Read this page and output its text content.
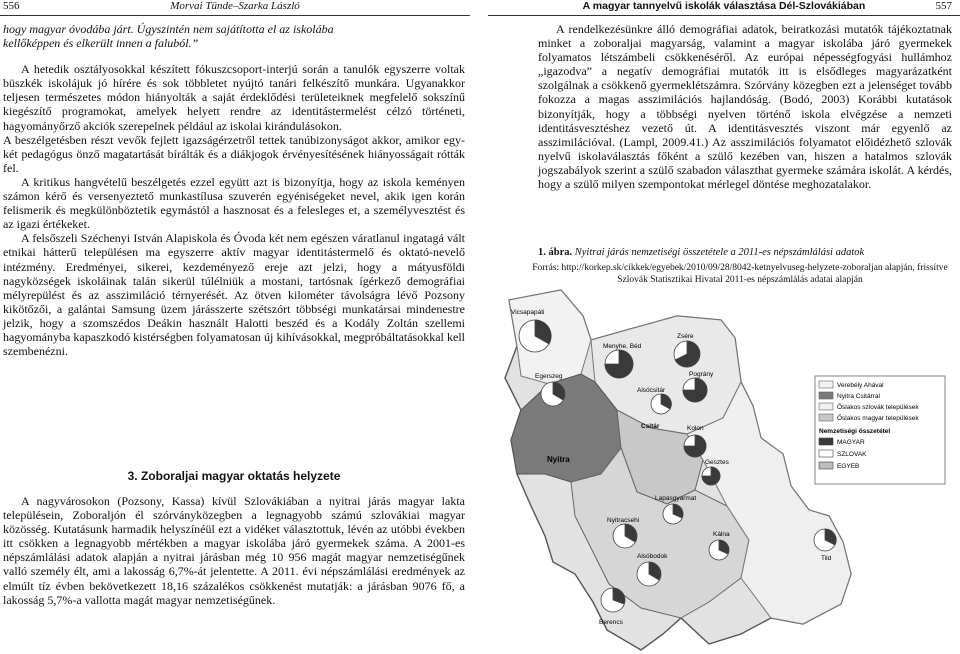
556	Morvai Tünde–Szarka László

hogy magyar óvodába járt. Úgyszintén nem sajátította el az iskolába

kellőképpen és elkerült innen a faluból.”

A hetedik osztályosokkal készített fókuszcsoport-interjú során a tanulók egyszerre voltak büszkék iskolájuk jó hírére és sok többletet nyújtó tanári felkészítő munkára. Ugyanakkor teljesen természetes módon hiányolták a saját érdeklődési területeiknek megfelelő sokszínű kiegészítő programokat, amelyek helyett rendre az identitástermelést célzó történeti, hagyományőrző akciók szerepelnek például az iskolai kirándulásokon.

A beszélgetésben részt vevők fejlett igazságérzetről tettek tanúbizonyságot akkor, amikor egy-két pedagógus önző magatartását bírálták és a diákjogok érvényesítésének hiányosságait rótták fel.

A kritikus hangvételű beszélgetés ezzel együtt azt is bizonyítja, hogy az iskola keményen számon kérő és versenyeztető munkastílusa szuverén egyéniségeket nevel, akik igen korán felismerik és megkülönböztetik egymástól a hasznosat és a felesleges et, a személyvesztést és az igazi értékeket.

A felsőszeli Széchenyi István Alapiskola és Óvoda két nem egészen váratlanul ingatagá vált etnikai hátterű településen ma egyszerre aktív magyar identitástermelő és oktató-nevelő intézmény. Eredményei, sikerei, kezdeményező ereje azt jelzi, hogy a mátyusföldi nagyközségek iskoláinak talán sikerül túlélniük a mostani, tartósnak ígérkező demográfiai mélyrepülést és az asszimiláció térnyerését. Az ötven kilométer távolságra lévő Pozsony kikötőzői, a galántai Samsung üzem járásszerte szétszórt többségi munkatársai mindenestre jelzik, hogy a szomszédos Deákin használt Halotti beszéd és a Kodály Zoltán szellemi hagyományba kapaszkodó kistérségben folyamatosan új kihívásokkal, megpróbáltatásokkal kell szembenézni.

3. Zoboraljai magyar oktatás helyzete

A nagyvárosokon (Pozsony, Kassa) kívül Szlovákiában a nyitrai járás magyar lakta településein, Zoboraljón él szórványközegben a legnagyobb számú szlovákiai magyar közösség. Kutatásunk harmadik helyszínéül ezt a vidéket választottuk, lévén az utóbbi években itt csökken a legnagyobb mértékben a magyar iskolába járó gyermekek száma. A 2001-es népszámlálási adatok alapján a nyitrai járásban még 10 956 magát magyar nemzetiségűnek valló személy élt, ami a lakosság 6,7%-át jelentette. A 2011. évi népszámlálási eredmények az elmúlt tíz évben bekövetkezett 18,16 százalékos csökkenést mutatják: a járásban 9076 fő, a lakosság 5,7%-a vallotta magát magyar nemzetiségűnek.

A magyar tannyelvű iskolák választása Dél-Szlovákiában	557

A rendelkezésünkre álló demográfiai adatok, beiratkozási mutatók tájékoztatnak minket a zoboraljai magyarság, valamint a magyar iskolába járó gyermekek folyamatos létszámbeli csökkenéséről. Az európai népességfogyási hullámhoz „igazodva” a negatív demográfiai mutatók itt is elsődleges magyarázatként szolgálnak a csökkenő gyermeklétszámra. Szórvány közegben ezt a jelenséget tovább fokozza a magas asszimilációs hajlandóság. (Bodó, 2003) Korábbi kutatások bizonyítják, hogy a többségi nyelven történő iskola elvégzése a nemzeti identitásvesztéshez vezető út. A identitásvesztés viszont már egyenlő az asszimilációval. (Lampl, 2009.41.) Az asszimilációs folyamatot előidézhető szlovák nyelvű iskolaválasztás főként a szülő kezében van, hiszen a hatalmos szlovák jogszabályok szerint a szülő szabadon választhat gyermeke számára iskolát. A kérdés, hogy a szülő milyen szempontokat mérlegel döntése meghozatalakor.

1. ábra. Nyitrai járás nemzetiségi összetétele a 2011-es népszámlálási adatok
Forrás: http://korkep.sk/cikkek/egyebek/2010/09/28/8042-ketnyelvuseg-helyzete-zoboraljan alapján, frissítve Szlovák Statisztikai Hivatal 2011-es népszámlálás adatai alapján
Vicsapapáti
Menyhe, Béd
Egerszeg
Zsére
Pográny
Alsócsitár
Csitár	Kolon
Gesztes
Nyitra
Lapasgyarmat
Nyitracsehi
Kálna
Alsóbodok
Berencs
Tild
Verebély Ahával
Nyitra Csitárral
Őslakos szlovák települések
Őslakos magyar települések
Nemzetiségi összetétel
MAGYAR
SZLOVAK
EGYEB
